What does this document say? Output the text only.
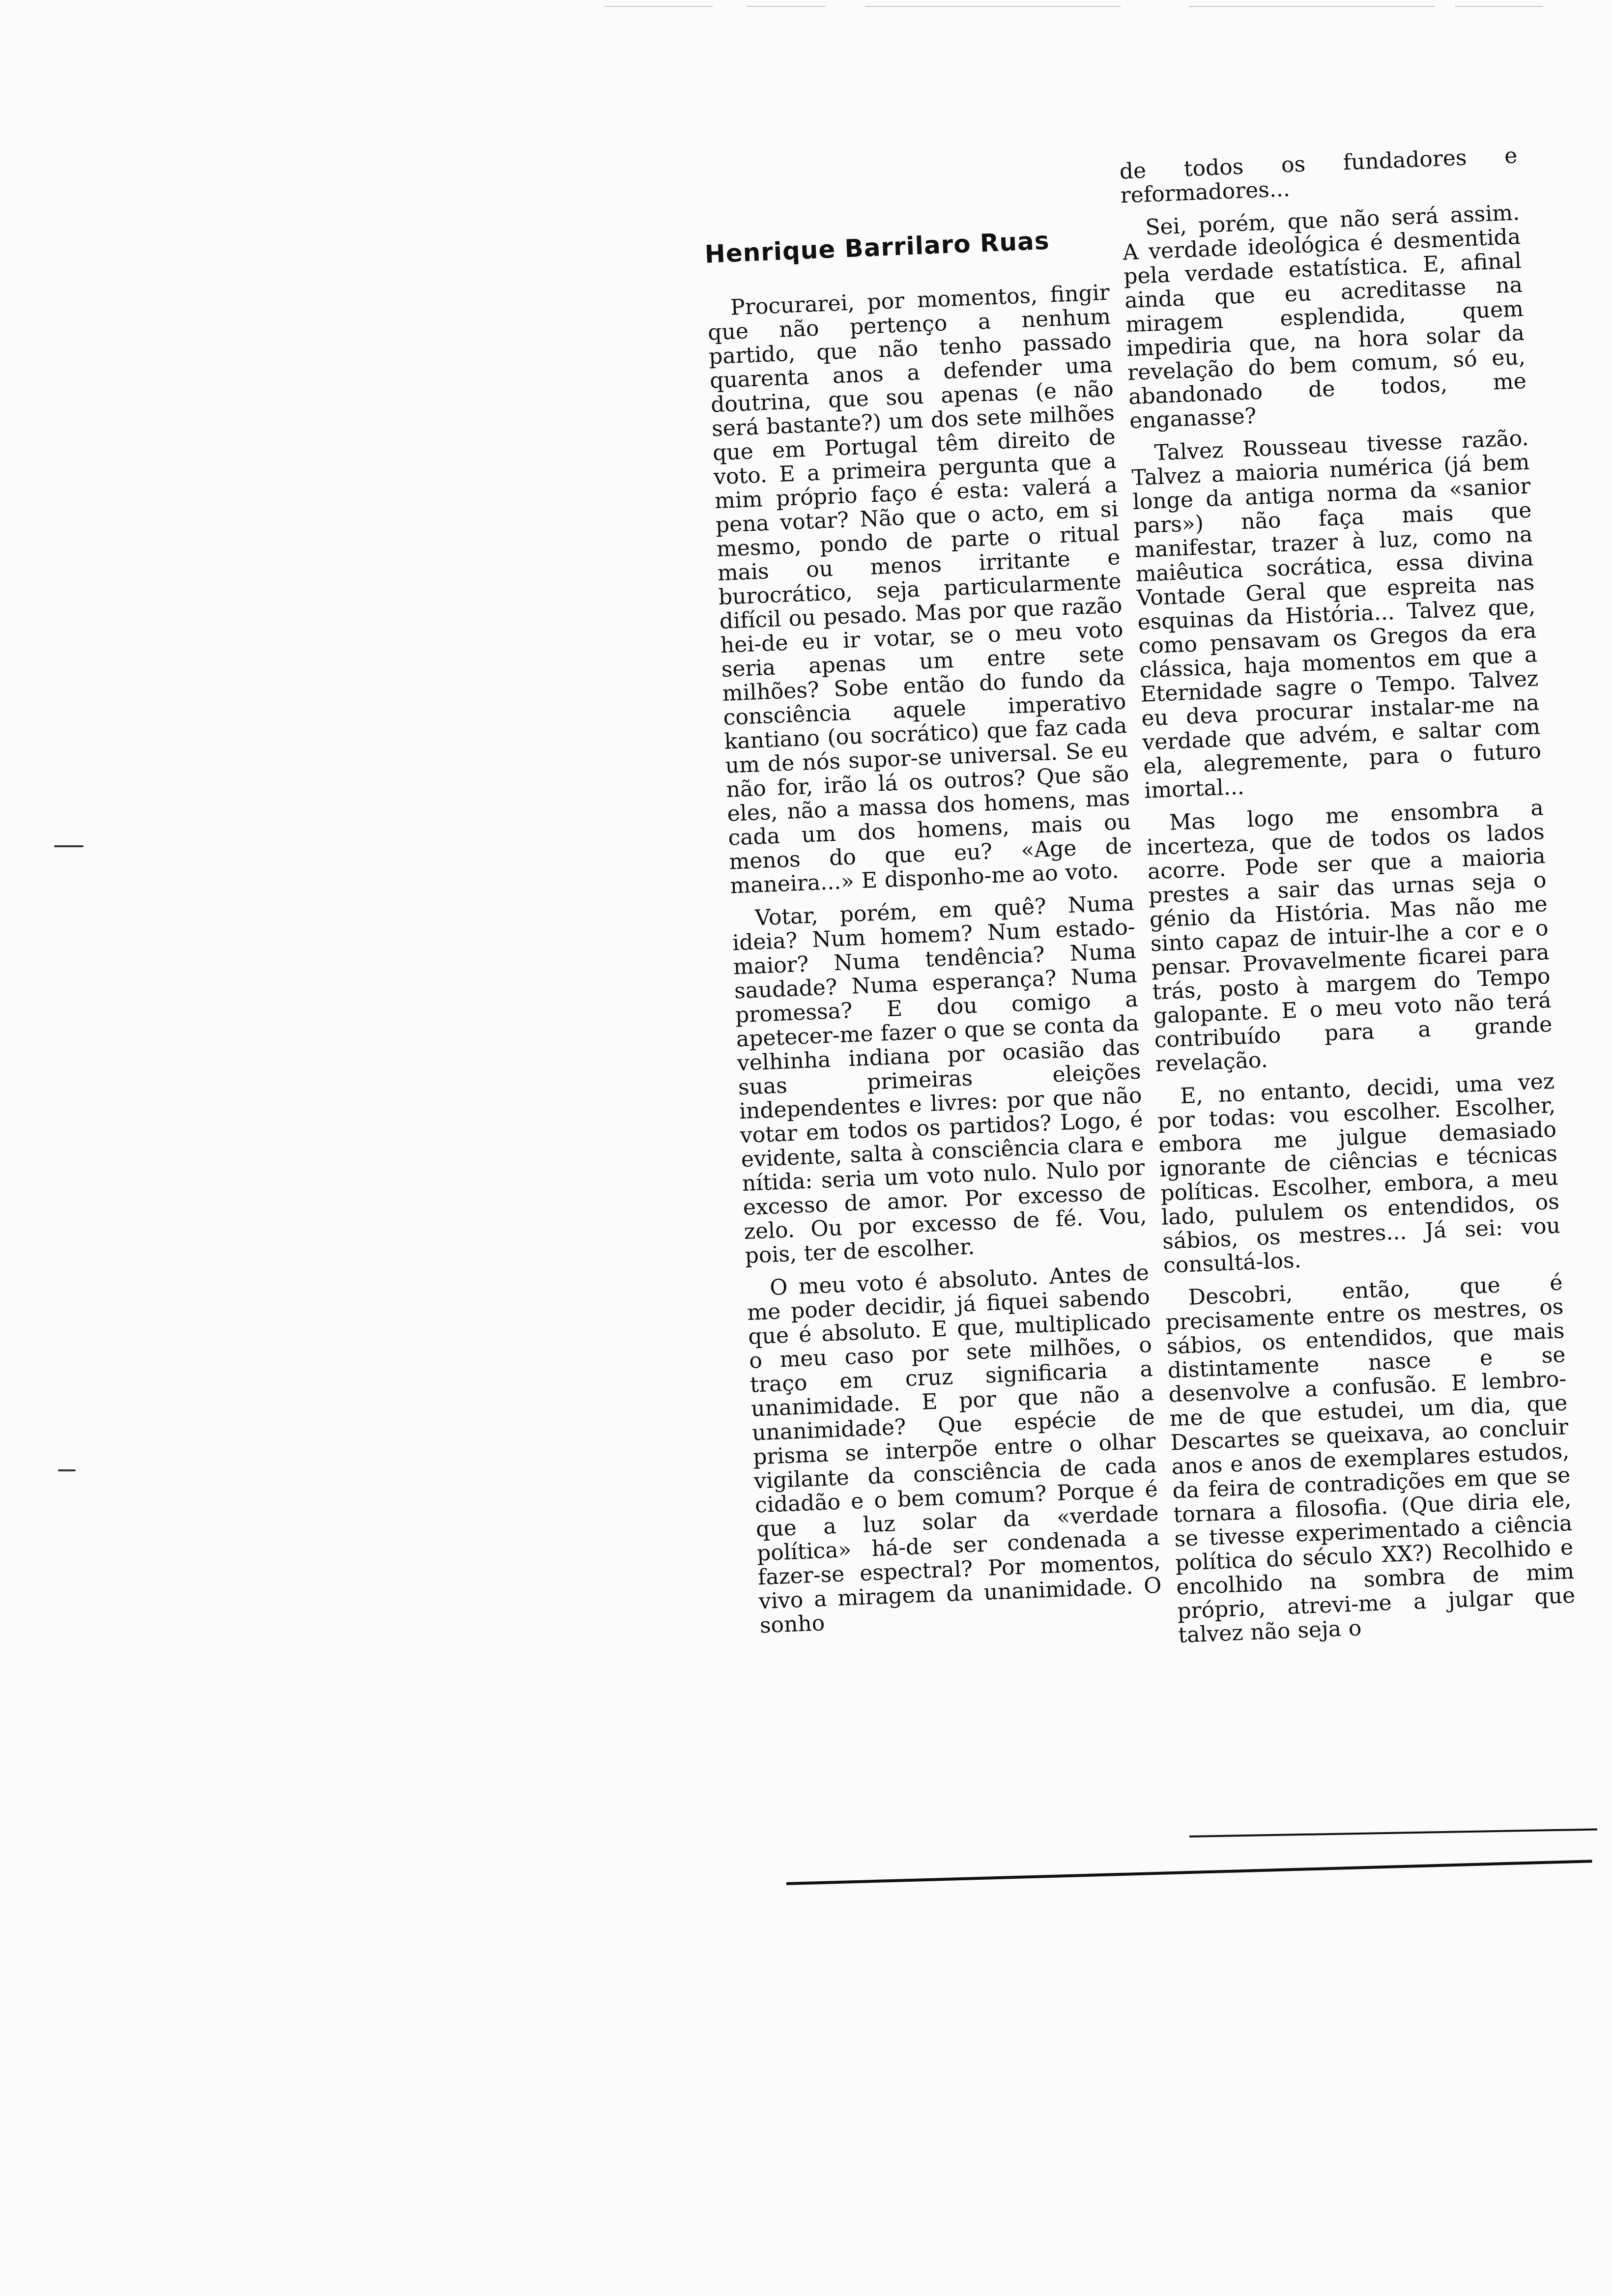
Henrique Barrilaro Ruas

Procurarei, por momentos, fingir que não pertenço a nenhum partido, que não tenho passado quarenta anos a defender uma doutrina, que sou apenas (e não será bastante?) um dos sete milhões que em Portugal têm direito de voto. E a primeira pergunta que a mim próprio faço é esta: valerá a pena votar? Não que o acto, em si mesmo, pondo de parte o ritual mais ou menos irritante e burocrático, seja particularmente difícil ou pesado. Mas por que razão hei-de eu ir votar, se o meu voto seria apenas um entre sete milhões? Sobe então do fundo da consciência aquele imperativo kantiano (ou socrático) que faz cada um de nós supor-se universal. Se eu não for, irão lá os outros? Que são eles, não a massa dos homens, mas cada um dos homens, mais ou menos do que eu? «Age de maneira...» E disponho-me ao voto.

Votar, porém, em quê? Numa ideia? Num homem? Num estado-maior? Numa tendência? Numa saudade? Numa esperança? Numa promessa? E dou comigo a apetecer-me fazer o que se conta da velhinha indiana por ocasião das suas primeiras eleições independentes e livres: por que não votar em todos os partidos? Logo, é evidente, salta à consciência clara e nítida: seria um voto nulo. Nulo por excesso de amor. Por excesso de zelo. Ou por excesso de fé. Vou, pois, ter de escolher.

O meu voto é absoluto. Antes de me poder decidir, já fiquei sabendo que é absoluto. E que, multiplicado o meu caso por sete milhões, o traço em cruz significaria a unanimidade. E por que não a unanimidade? Que espécie de prisma se interpõe entre o olhar vigilante da consciência de cada cidadão e o bem comum? Porque é que a luz solar da «verdade política» há-de ser condenada a fazer-se espectral? Por momentos, vivo a miragem da unanimidade. O sonho

de todos os fundadores e reformadores...

Sei, porém, que não será assim. A verdade ideológica é desmentida pela verdade estatística. E, afinal ainda que eu acreditasse na miragem esplendida, quem impediria que, na hora solar da revelação do bem comum, só eu, abandonado de todos, me enganasse?

Talvez Rousseau tivesse razão. Talvez a maioria numérica (já bem longe da antiga norma da «sanior pars») não faça mais que manifestar, trazer à luz, como na maiêutica socrática, essa divina Vontade Geral que espreita nas esquinas da História... Talvez que, como pensavam os Gregos da era clássica, haja momentos em que a Eternidade sagre o Tempo. Talvez eu deva procurar instalar-me na verdade que advém, e saltar com ela, alegremente, para o futuro imortal...

Mas logo me ensombra a incerteza, que de todos os lados acorre. Pode ser que a maioria prestes a sair das urnas seja o génio da História. Mas não me sinto capaz de intuir-lhe a cor e o pensar. Provavelmente ficarei para trás, posto à margem do Tempo galopante. E o meu voto não terá contribuído para a grande revelação.

E, no entanto, decidi, uma vez por todas: vou escolher. Escolher, embora me julgue demasiado ignorante de ciências e técnicas políticas. Escolher, embora, a meu lado, pululem os entendidos, os sábios, os mestres... Já sei: vou consultá-los.

Descobri, então, que é precisamente entre os mestres, os sábios, os entendidos, que mais distintamente nasce e se desenvolve a confusão. E lembro-me de que estudei, um dia, que Descartes se queixava, ao concluir anos e anos de exemplares estudos, da feira de contradições em que se tornara a filosofia. (Que diria ele, se tivesse experimentado a ciência política do século XX?) Recolhido e encolhido na sombra de mim próprio, atrevi-me a julgar que talvez não seja o
